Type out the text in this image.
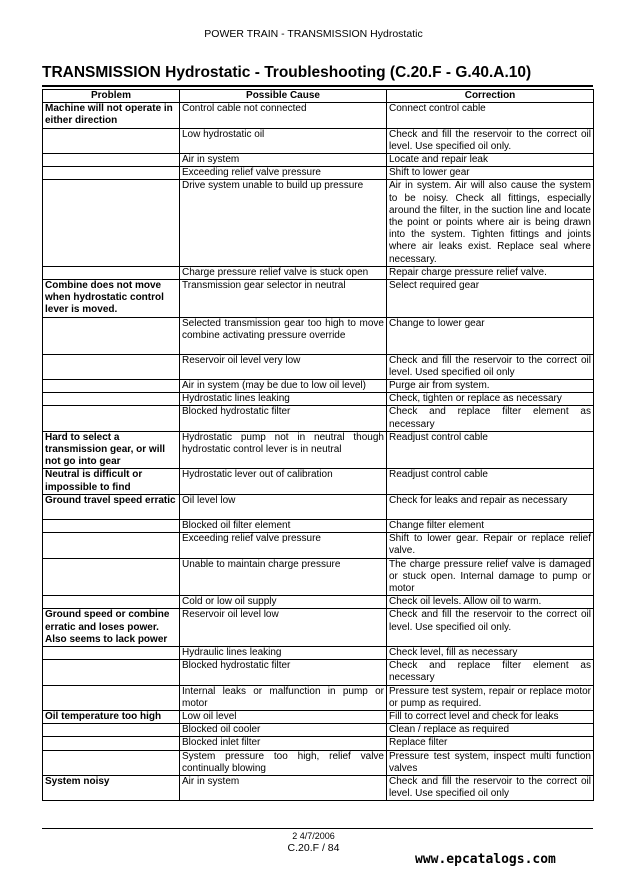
POWER TRAIN - TRANSMISSION Hydrostatic
TRANSMISSION Hydrostatic - Troubleshooting (C.20.F - G.40.A.10)
Problem	Possible Cause	Correction
Machine will not operate in either direction	Control cable not connected	Connect control cable
	Low hydrostatic oil	Check and fill the reservoir to the correct oil level. Use specified oil only.
	Air in system	Locate and repair leak
	Exceeding relief valve pressure	Shift to lower gear
	Drive system unable to build up pressure	Air in system. Air will also cause the system to be noisy. Check all fittings, especially around the filter, in the suction line and locate the point or points where air is being drawn into the system. Tighten fittings and joints where air leaks exist. Replace seal where necessary.
	Charge pressure relief valve is stuck open	Repair charge pressure relief valve.
Combine does not move when hydrostatic control lever is moved.	Transmission gear selector in neutral	Select required gear
	Selected transmission gear too high to move combine activating pressure override	Change to lower gear
	Reservoir oil level very low	Check and fill the reservoir to the correct oil level. Used specified oil only
	Air in system (may be due to low oil level)	Purge air from system.
	Hydrostatic lines leaking	Check, tighten or replace as necessary
	Blocked hydrostatic filter	Check and replace filter element as necessary
Hard to select a transmission gear, or will not go into gear	Hydrostatic pump not in neutral though hydrostatic control lever is in neutral	Readjust control cable
Neutral is difficult or impossible to find	Hydrostatic lever out of calibration	Readjust control cable
Ground travel speed erratic	Oil level low	Check for leaks and repair as necessary
	Blocked oil filter element	Change filter element
	Exceeding relief valve pressure	Shift to lower gear. Repair or replace relief valve.
	Unable to maintain charge pressure	The charge pressure relief valve is damaged or stuck open. Internal damage to pump or motor
	Cold or low oil supply	Check oil levels. Allow oil to warm.
Ground speed or combine erratic and loses power. Also seems to lack power	Reservoir oil level low	Check and fill the reservoir to the correct oil level. Use specified oil only.
	Hydraulic lines leaking	Check level, fill as necessary
	Blocked hydrostatic filter	Check and replace filter element as necessary
	Internal leaks or malfunction in pump or motor	Pressure test system, repair or replace motor or pump as required.
Oil temperature too high	Low oil level	Fill to correct level and check for leaks
	Blocked oil cooler	Clean / replace as required
	Blocked inlet filter	Replace filter
	System pressure too high, relief valve continually blowing	Pressure test system, inspect multi function valves
System noisy	Air in system	Check and fill the reservoir to the correct oil level. Use specified oil only
2 4/7/2006
C.20.F / 84
www.epcatalogs.com
